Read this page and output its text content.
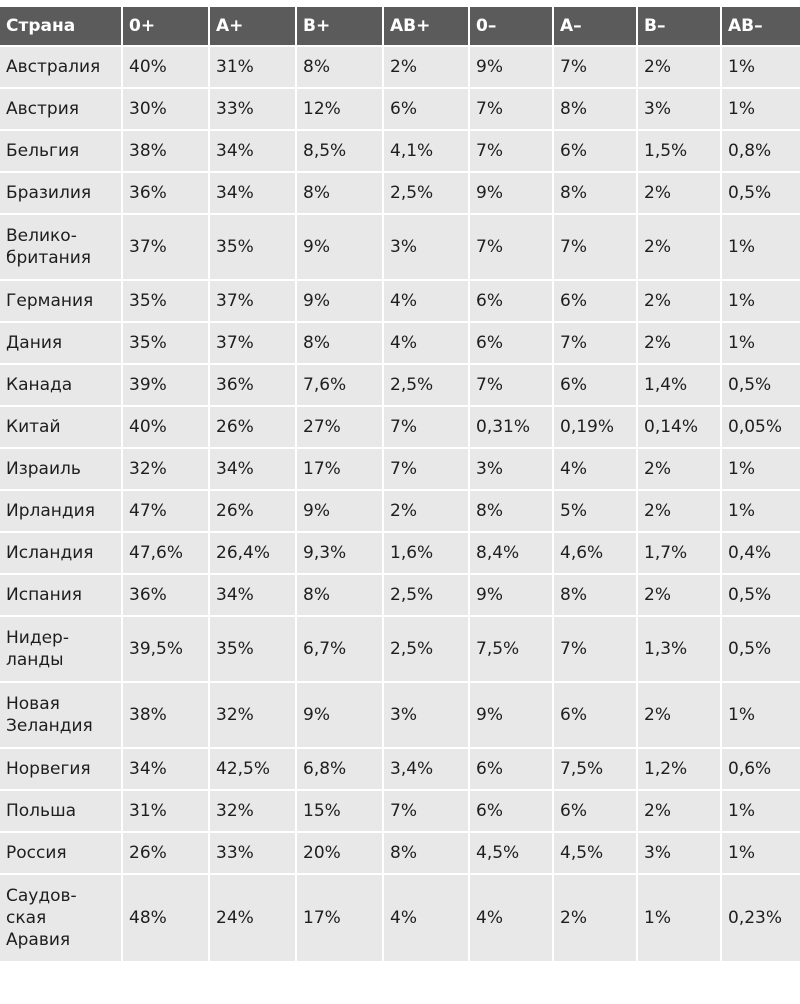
Страна	0+	A+	B+	AB+	0–	A–	B–	AB–
Австралия	40%	31%	8%	2%	9%	7%	2%	1%
Австрия	30%	33%	12%	6%	7%	8%	3%	1%
Бельгия	38%	34%	8,5%	4,1%	7%	6%	1,5%	0,8%
Бразилия	36%	34%	8%	2,5%	9%	8%	2%	0,5%
Велико-
британия	37%	35%	9%	3%	7%	7%	2%	1%
Германия	35%	37%	9%	4%	6%	6%	2%	1%
Дания	35%	37%	8%	4%	6%	7%	2%	1%
Канада	39%	36%	7,6%	2,5%	7%	6%	1,4%	0,5%
Китай	40%	26%	27%	7%	0,31%	0,19%	0,14%	0,05%
Израиль	32%	34%	17%	7%	3%	4%	2%	1%
Ирландия	47%	26%	9%	2%	8%	5%	2%	1%
Исландия	47,6%	26,4%	9,3%	1,6%	8,4%	4,6%	1,7%	0,4%
Испания	36%	34%	8%	2,5%	9%	8%	2%	0,5%
Нидер-
ланды	39,5%	35%	6,7%	2,5%	7,5%	7%	1,3%	0,5%
Новая
Зеландия	38%	32%	9%	3%	9%	6%	2%	1%
Норвегия	34%	42,5%	6,8%	3,4%	6%	7,5%	1,2%	0,6%
Польша	31%	32%	15%	7%	6%	6%	2%	1%
Россия	26%	33%	20%	8%	4,5%	4,5%	3%	1%
Саудов-
ская
Аравия	48%	24%	17%	4%	4%	2%	1%	0,23%
